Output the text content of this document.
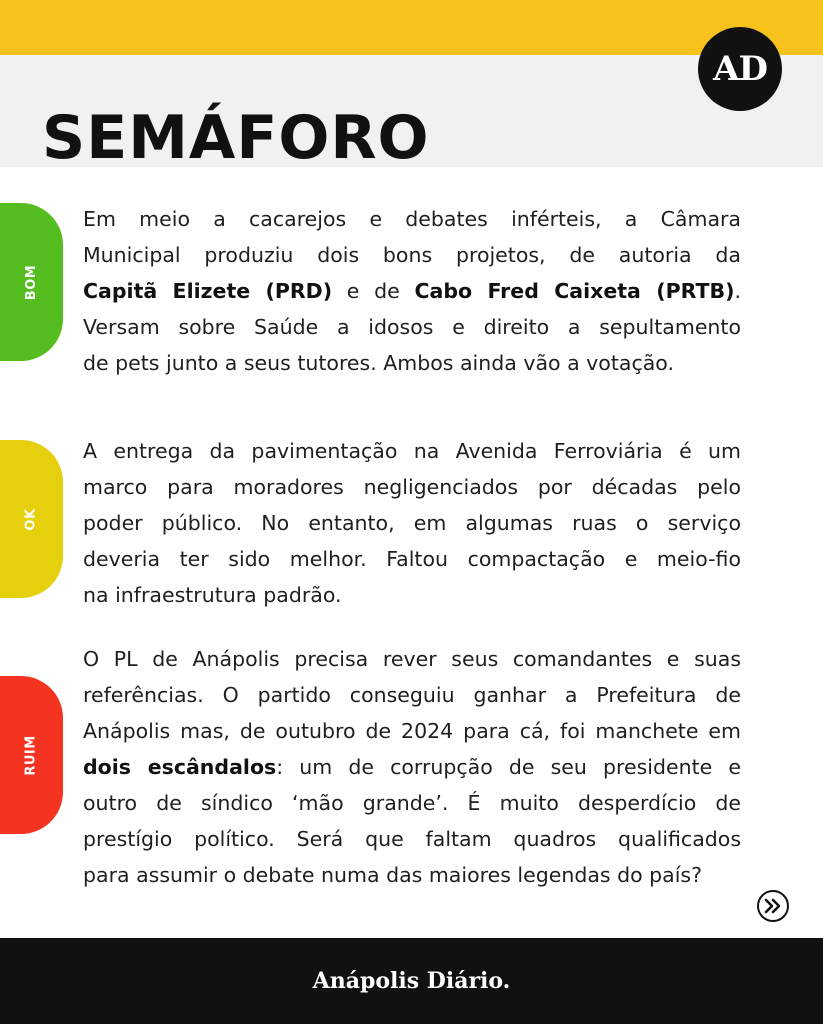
SEMÁFORO
AD
BOM
Em meio a cacarejos e debates inférteis, a Câmara
Municipal produziu dois bons projetos, de autoria da
Capitã Elizete (PRD) e de Cabo Fred Caixeta (PRTB).
Versam sobre Saúde a idosos e direito a sepultamento
de pets junto a seus tutores. Ambos ainda vão a votação.
OK
A entrega da pavimentação na Avenida Ferroviária é um
marco para moradores negligenciados por décadas pelo
poder público. No entanto, em algumas ruas o serviço
deveria ter sido melhor. Faltou compactação e meio-fio
na infraestrutura padrão.
RUIM
O PL de Anápolis precisa rever seus comandantes e suas
referências. O partido conseguiu ganhar a Prefeitura de
Anápolis mas, de outubro de 2024 para cá, foi manchete em
dois escândalos: um de corrupção de seu presidente e
outro de síndico ‘mão grande’. É muito desperdício de
prestígio político. Será que faltam quadros qualificados
para assumir o debate numa das maiores legendas do país?
Anápolis Diário.
